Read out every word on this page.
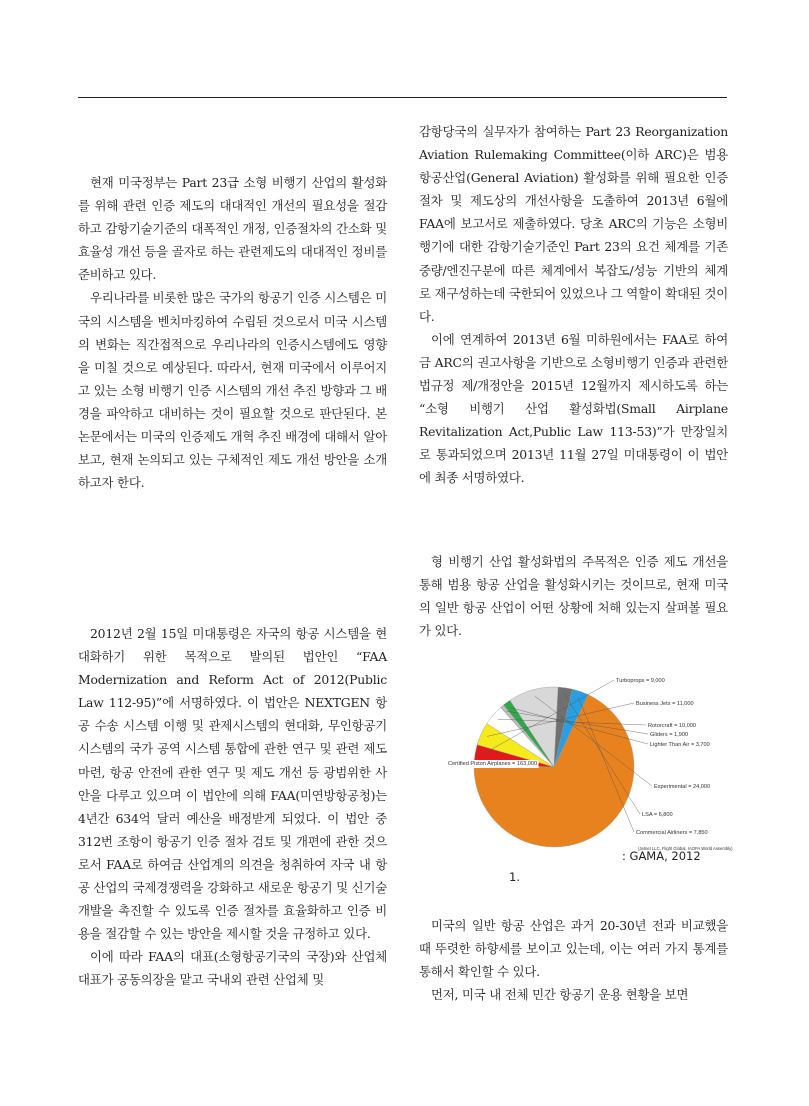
현재 미국정부는 Part 23급 소형 비행기 산업의 활성화를 위해 관련 인증 제도의 대대적인 개선의 필요성을 절감하고 감항기술기준의 대폭적인 개정, 인증절차의 간소화 및 효율성 개선 등을 골자로 하는 관련제도의 대대적인 정비를 준비하고 있다.

우리나라를 비롯한 많은 국가의 항공기 인증 시스템은 미국의 시스템을 벤치마킹하여 수립된 것으로서 미국 시스템의 변화는 직간접적으로 우리나라의 인증시스템에도 영향을 미칠 것으로 예상된다. 따라서, 현재 미국에서 이루어지고 있는 소형 비행기 인증 시스템의 개선 추진 방향과 그 배경을 파악하고 대비하는 것이 필요할 것으로 판단된다. 본 논문에서는 미국의 인증제도 개혁 추진 배경에 대해서 알아보고, 현재 논의되고 있는 구체적인 제도 개선 방안을 소개하고자 한다.

2012년 2월 15일 미대통령은 자국의 항공 시스템을 현대화하기 위한 목적으로 발의된 법안인 “FAA Modernization and Reform Act of 2012(Public Law 112-95)”에 서명하였다. 이 법안은 NEXTGEN 항공 수송 시스템 이행 및 관제시스템의 현대화, 무인항공기 시스템의 국가 공역 시스템 통합에 관한 연구 및 관련 제도 마련, 항공 안전에 관한 연구 및 제도 개선 등 광범위한 사안을 다루고 있으며 이 법안에 의해 FAA(미연방항공청)는 4년간 634억 달러 예산을 배정받게 되었다. 이 법안 중 312번 조항이 항공기 인증 절차 검토 및 개편에 관한 것으로서 FAA로 하여금 산업계의 의견을 청취하여 자국 내 항공 산업의 국제경쟁력을 강화하고 새로운 항공기 및 신기술 개발을 촉진할 수 있도록 인증 절차를 효율화하고 인증 비용을 절감할 수 있는 방안을 제시할 것을 규정하고 있다.

이에 따라 FAA의 대표(소형항공기국의 국장)와 산업체 대표가 공동의장을 맡고 국내외 관련 산업체 및

감항당국의 실무자가 참여하는 Part 23 Reorganization Aviation Rulemaking Committee(이하 ARC)은 범용항공산업(General Aviation) 활성화를 위해 필요한 인증 절차 및 제도상의 개선사항을 도출하여 2013년 6월에 FAA에 보고서로 제출하였다. 당초 ARC의 기능은 소형비행기에 대한 감항기술기준인 Part 23의 요건 체계를 기존 중량/엔진구분에 따른 체계에서 복잡도/성능 기반의 체계로 재구성하는데 국한되어 있었으나 그 역할이 확대된 것이다.

이에 연계하여 2013년 6월 미하원에서는 FAA로 하여금 ARC의 권고사항을 기반으로 소형비행기 인증과 관련한 법규정 제/개정안을 2015년 12월까지 제시하도록 하는 “소형 비행기 산업 활성화법(Small Airplane Revitalization Act,Public Law 113-53)”가 만장일치로 통과되었으며 2013년 11월 27일 미대통령이 이 법안에 최종 서명하였다.

형 비행기 산업 활성화법의 주목적은 인증 제도 개선을 통해 범용 항공 산업을 활성화시키는 것이므로, 현재 미국의 일반 항공 산업이 어떤 상황에 처해 있는지 살펴볼 필요가 있다.

Certified Piston Airplanes = 163,000
Turboprops = 9,000
Business Jets = 11,000
Rotorcraft = 10,000
Gliders = 1,900
Lighter Than Air = 3,700
Experimental = 24,000
LSA = 6,800
Commercial Airliners = 7,850
(Jetnet LLC, Flight Global, IAOPA World Assembly)
: GAMA, 2012
1.

미국의 일반 항공 산업은 과거 20-30년 전과 비교했을 때 뚜렷한 하향세를 보이고 있는데, 이는 여러 가지 통계를 통해서 확인할 수 있다.

먼저, 미국 내 전체 민간 항공기 운용 현황을 보면
